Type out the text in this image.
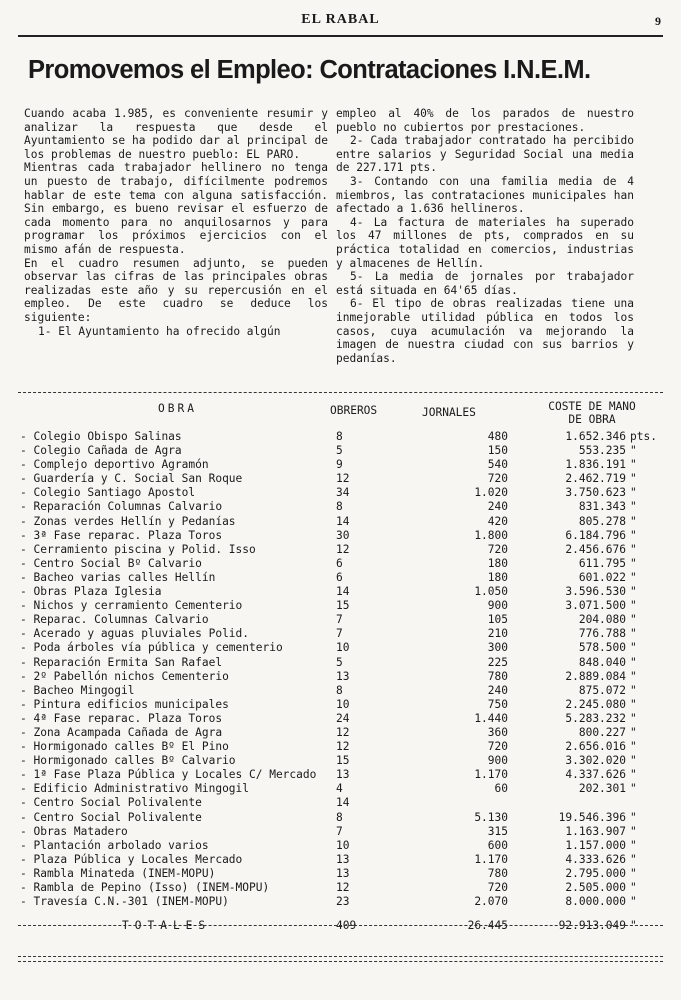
EL RABAL	9
Promovemos el Empleo: Contrataciones I.N.E.M.

Cuando acaba 1.985, es conveniente resumir y analizar la respuesta que desde el Ayuntamiento se ha podido dar al principal de los problemas de nuestro pueblo: EL PARO.

Mientras cada trabajador hellinero no tenga un puesto de trabajo, difícilmente podremos hablar de este tema con alguna satisfacción. Sin embargo, es bueno revisar el esfuerzo de cada momento para no anquilosarnos y para programar los próximos ejercicios con el mismo afán de respuesta.

En el cuadro resumen adjunto, se pueden observar las cifras de las principales obras realizadas este año y su repercusión en el empleo. De este cuadro se deduce los siguiente:

1- El Ayuntamiento ha ofrecido algún

empleo al 40% de los parados de nuestro pueblo no cubiertos por prestaciones.

2- Cada trabajador contratado ha percibido entre salarios y Seguridad Social una media de 227.171 pts.

3- Contando con una familia media de 4 miembros, las contrataciones municipales han afectado a 1.636 hellineros.

4- La factura de materiales ha superado los 47 millones de pts, comprados en su práctica totalidad en comercios, industrias y almacenes de Hellín.

5- La media de jornales por trabajador está situada en 64'65 días.

6- El tipo de obras realizadas tiene una inmejorable utilidad pública en todos los casos, cuya acumulación va mejorando la imagen de nuestra ciudad con sus barrios y pedanías.

OBRA	OBREROS	JORNALES	COSTE DE MANO DE OBRA
- Colegio Obispo Salinas	8	480	1.652.346 pts.
- Colegio Cañada de Agra	5	150	553.235 "
- Complejo deportivo Agramón	9	540	1.836.191 "
- Guardería y C. Social San Roque	12	720	2.462.719 "
- Colegio Santiago Apostol	34	1.020	3.750.623 "
- Reparación Columnas Calvario	8	240	831.343 "
- Zonas verdes Hellín y Pedanías	14	420	805.278 "
- 3ª Fase reparac. Plaza Toros	30	1.800	6.184.796 "
- Cerramiento piscina y Polid. Isso	12	720	2.456.676 "
- Centro Social Bº Calvario	6	180	611.795 "
- Bacheo varias calles Hellín	6	180	601.022 "
- Obras Plaza Iglesia	14	1.050	3.596.530 "
- Nichos y cerramiento Cementerio	15	900	3.071.500 "
- Reparac. Columnas Calvario	7	105	204.080 "
- Acerado y aguas pluviales Polid.	7	210	776.788 "
- Poda árboles vía pública y cementerio	10	300	578.500 "
- Reparación Ermita San Rafael	5	225	848.040 "
- 2º Pabellón nichos Cementerio	13	780	2.889.084 "
- Bacheo Mingogil	8	240	875.072 "
- Pintura edificios municipales	10	750	2.245.080 "
- 4ª Fase reparac. Plaza Toros	24	1.440	5.283.232 "
- Zona Acampada Cañada de Agra	12	360	800.227 "
- Hormigonado calles Bº El Pino	12	720	2.656.016 "
- Hormigonado calles Bº Calvario	15	900	3.302.020 "
- 1ª Fase Plaza Pública y Locales C/ Mercado 13	1.170	4.337.626 "
- Edificio Administrativo Mingogil	4	60	202.301 "
- Centro Social Polivalente	14
- Centro Social Polivalente	8	5.130	19.546.396 "
- Obras Matadero	7	315	1.163.907 "
- Plantación arbolado varios	10	600	1.157.000 "
- Plaza Pública y Locales Mercado	13	1.170	4.333.626 "
- Rambla Minateda (INEM-MOPU)	13	780	2.795.000 "
- Rambla de Pepino (Isso) (INEM-MOPU)	12	720	2.505.000 "
- Travesía C.N.-301 (INEM-MOPU)	23	2.070	8.000.000 "
TOTALES	409	26.445	92.913.049 "
